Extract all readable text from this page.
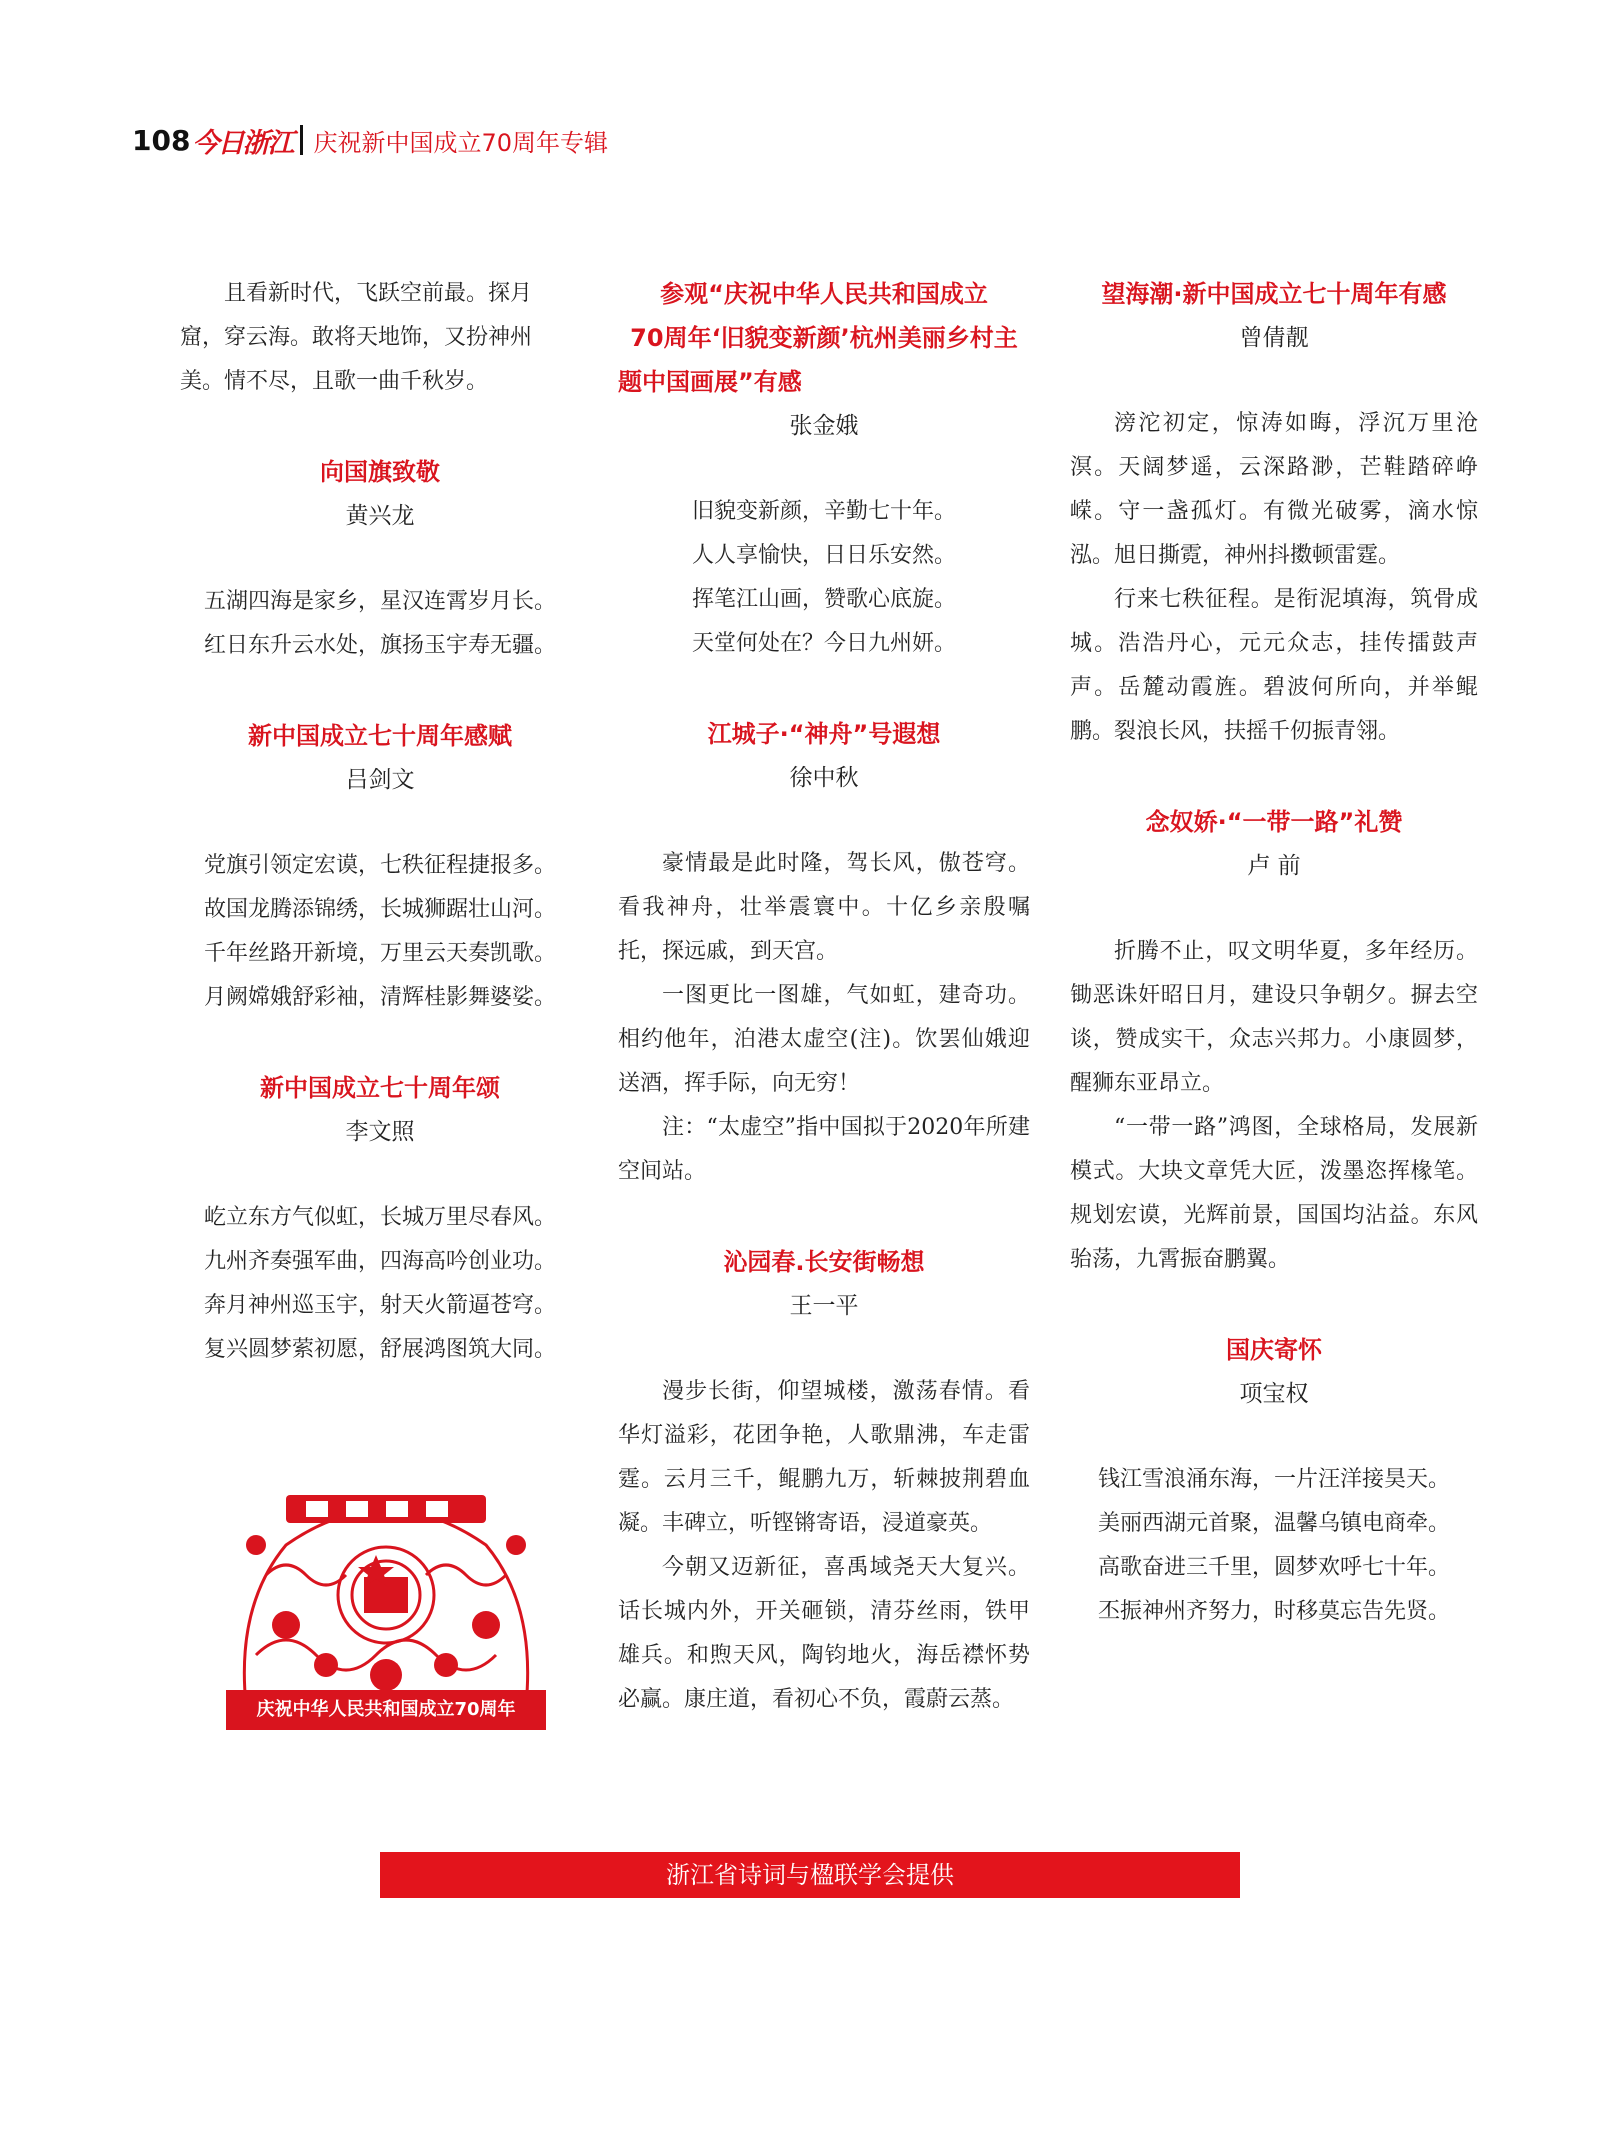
108 今日浙江 庆祝新中国成立70周年专辑
且看新时代，飞跃空前最。探月
窟，穿云海。敢将天地饰，又扮神州
美。情不尽，且歌一曲千秋岁。
向国旗致敬
黄兴龙
五湖四海是家乡，星汉连霄岁月长。
红日东升云水处，旗扬玉宇寿无疆。
新中国成立七十周年感赋
吕剑文
党旗引领定宏谟，七秩征程捷报多。
故国龙腾添锦绣，长城狮踞壮山河。
千年丝路开新境，万里云天奏凯歌。
月阙嫦娥舒彩袖，清辉桂影舞婆娑。
新中国成立七十周年颂
李文照
屹立东方气似虹，长城万里尽春风。
九州齐奏强军曲，四海高吟创业功。
奔月神州巡玉宇，射天火箭逼苍穹。
复兴圆梦萦初愿，舒展鸿图筑大同。
庆祝中华人民共和国成立70周年
参观“庆祝中华人民共和国成立
70周年‘旧貌变新颜’杭州美丽乡村主
题中国画展”有感
张金娥
旧貌变新颜，辛勤七十年。
人人享愉快，日日乐安然。
挥笔江山画，赞歌心底旋。
天堂何处在？今日九州妍。
江城子·“神舟”号遐想
徐中秋

豪情最是此时隆，驾长风，傲苍穹。看我神舟，壮举震寰中。十亿乡亲殷嘱托，探远戚，到天宫。

一图更比一图雄，气如虹，建奇功。相约他年，泊港太虚空(注)。饮罢仙娥迎送酒，挥手际，向无穷！

注：“太虚空”指中国拟于2020年所建空间站。

沁园春.长安街畅想
王一平

漫步长街，仰望城楼，激荡春情。看华灯溢彩，花团争艳，人歌鼎沸，车走雷霆。云月三千，鲲鹏九万，斩棘披荆碧血凝。丰碑立，听铿锵寄语，浸道豪英。

今朝又迈新征，喜禹域尧天大复兴。话长城内外，开关砸锁，清芬丝雨，铁甲雄兵。和煦天风，陶钧地火，海岳襟怀势必赢。康庄道，看初心不负，霞蔚云蒸。

望海潮·新中国成立七十周年有感
曾倩靓

滂沱初定，惊涛如晦，浮沉万里沧溟。天阔梦遥，云深路渺，芒鞋踏碎峥嵘。守一盏孤灯。有微光破雾，滴水惊泓。旭日撕霓，神州抖擞顿雷霆。

行来七秩征程。是衔泥填海，筑骨成城。浩浩丹心，元元众志，挂传擂鼓声声。岳麓动霞旌。碧波何所向，并举鲲鹏。裂浪长风，扶摇千仞振青翎。

念奴娇·“一带一路”礼赞
卢 前

折腾不止，叹文明华夏，多年经历。锄恶诛奸昭日月，建设只争朝夕。摒去空谈，赞成实干，众志兴邦力。小康圆梦，醒狮东亚昂立。

“一带一路”鸿图，全球格局，发展新模式。大块文章凭大匠，泼墨恣挥椽笔。规划宏谟，光辉前景，国国均沾益。东风骀荡，九霄振奋鹏翼。

国庆寄怀
项宝权
钱江雪浪涌东海，一片汪洋接昊天。
美丽西湖元首聚，温馨乌镇电商牵。
高歌奋进三千里，圆梦欢呼七十年。
丕振神州齐努力，时移莫忘告先贤。
浙江省诗词与楹联学会提供
